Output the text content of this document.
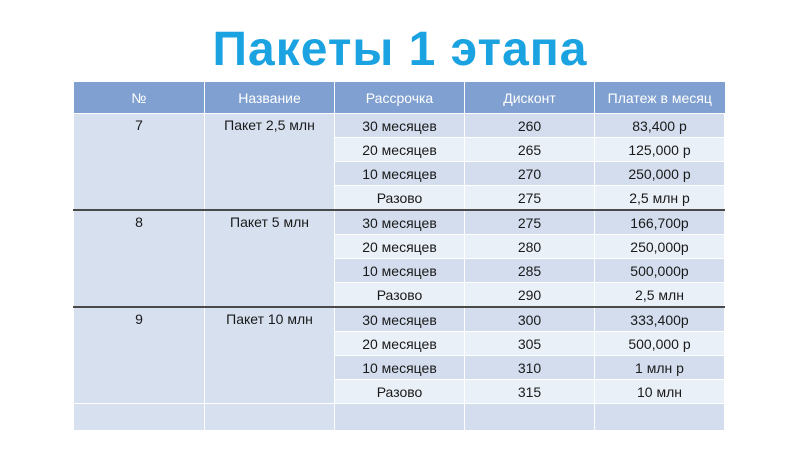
Пакеты 1 этапа
№	Название	Рассрочка	Дисконт	Платеж в месяц
7	Пакет 2,5 млн	30 месяцев	260	83,400 р
		20 месяцев	265	125,000 р
		10 месяцев	270	250,000 р
		Разово	275	2,5 млн р
8	Пакет 5 млн	30 месяцев	275	166,700р
		20 месяцев	280	250,000р
		10 месяцев	285	500,000р
		Разово	290	2,5 млн
9	Пакет 10 млн	30 месяцев	300	333,400р
		20 месяцев	305	500,000 р
		10 месяцев	310	1 млн р
		Разово	315	10 млн
